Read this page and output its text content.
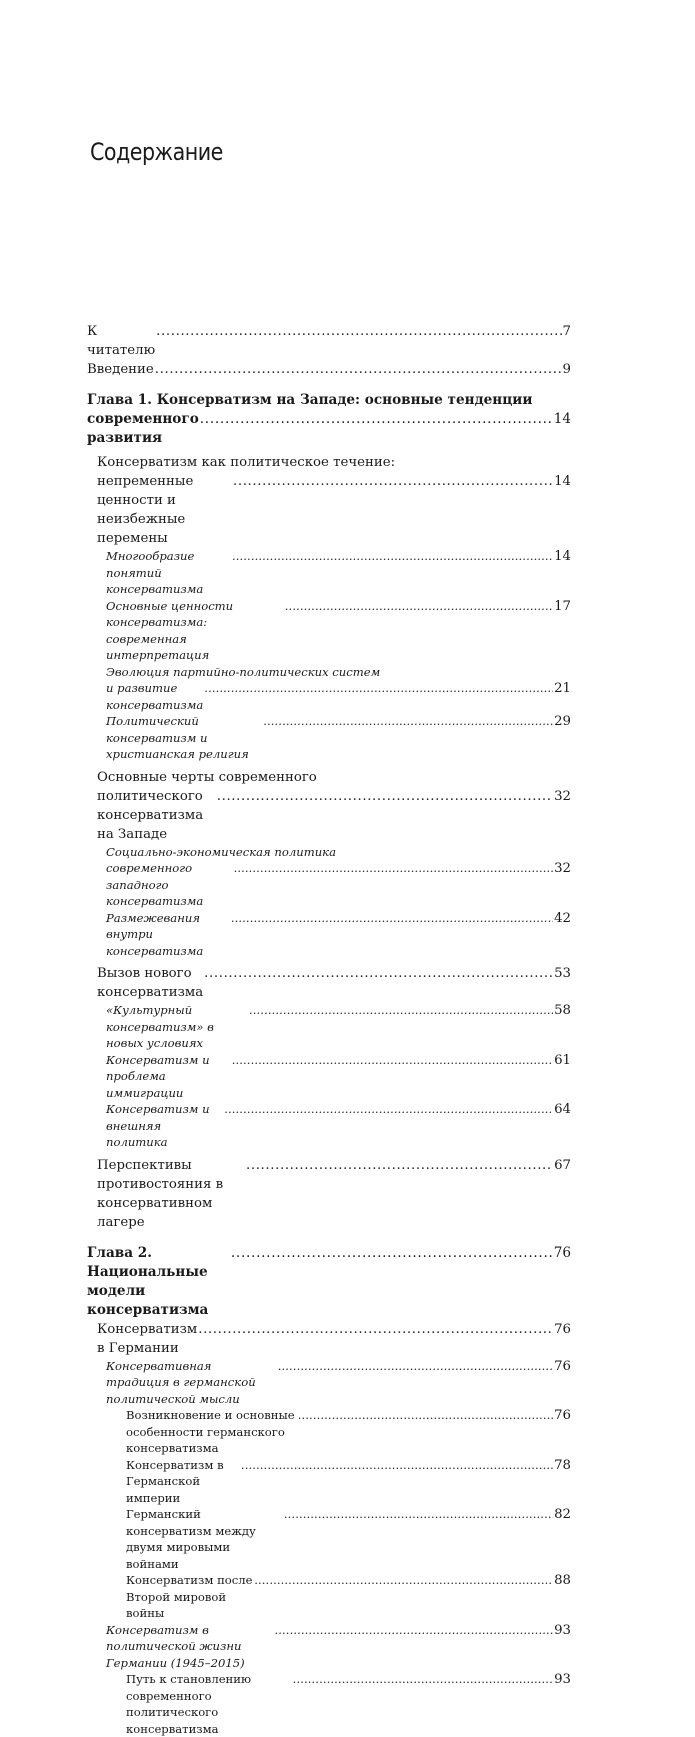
Содержание
К читателю
. . .
7
Введение
. . .	9
Глава 1. Консерватизм на Западе: основные тенденции
современного развития
. . .
14
Консерватизм как политическое течение:
непременные ценности и неизбежные перемены
. . .
14
Многообразие понятий консерватизма
. . .
14
Основные ценности консерватизма: современная интерпретация
. . .
17
Эволюция партийно-политических систем
и развитие консерватизма
. . .
21
Политический консерватизм и христианская религия
. . .
29
Основные черты современного
политического консерватизма на Западе
. . .
32
Социально-экономическая политика
современного западного консерватизма
. . .
32
Размежевания внутри консерватизма
. . .
42
Вызов нового консерватизма
. . .
53
«Культурный консерватизм» в новых условиях
. . .
58
Консерватизм и проблема иммиграции
. . .
61
Консерватизм и внешняя политика
. . .
64
Перспективы противостояния в консервативном лагере
. . .
67
Глава 2. Национальные модели консерватизма
. . .
76
Консерватизм в Германии
. . .
76
Консервативная традиция в германской политической мысли
. . .
76
Возникновение и основные особенности германского консерватизма
. . .
76
Консерватизм в Германской империи
. . .
78
Германский консерватизм между двумя мировыми войнами
. . .
82
Консерватизм после Второй мировой войны
. . .
88
Консерватизм в политической жизни Германии (1945–2015)
. . .
93
Путь к становлению современного политического консерватизма
. . .
93
